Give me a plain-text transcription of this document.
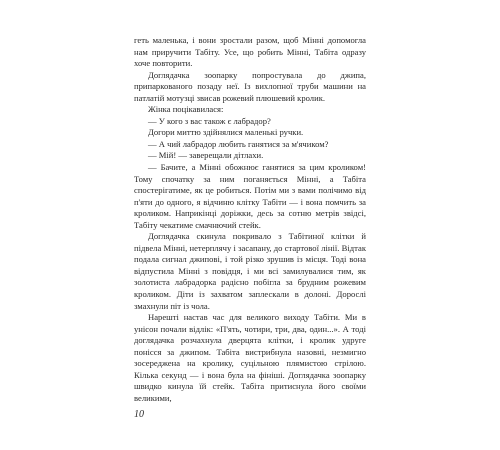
геть маленька, і вони зростали разом, щоб Мінні допомогла нам приручити Табіту. Усе, що робить Мінні, Табіта одразу хоче повторити.

Доглядачка зоопарку попростувала до джипа, припаркованого позаду неї. Із вихлопної труби машини на патлатій мотузці звисав рожевий плюшевий кролик.

Жінка поцікавилася:

— У кого з вас також є лабрадор?

Догори миттю здійнялися маленькі ручки.

— А чий лабрадор любить ганятися за м'ячиком?

— Мій! — заверещали дітлахи.

— Бачите, а Мінні обожнює ганятися за цим кроликом! Тому спочатку за ним поганяється Мінні, а Табіта спостерігатиме, як це робиться. Потім ми з вами полічимо від п'яти до одного, я відчиню клітку Табіти — і вона помчить за кроликом. Наприкінці доріжки, десь за сотню метрів звідсі, Табіту чекатиме смачнючий стейк.

Доглядачка скинула покривало з Табітиної клітки й підвела Мінні, нетерплячу і засапану, до стартової лінії. Відтак подала сигнал джипові, і той різко зрушив із місця. Тоді вона відпустила Мінні з повідця, і ми всі замилувалися тим, як золотиста лабрадорка радісно побігла за брудним рожевим кроликом. Діти із захватом заплескали в долоні. Дорослі змахнули піт із чола.

Нарешті настав час для великого виходу Табіти. Ми в унісон почали відлік: «П'ять, чотири, три, два, один...». А тоді доглядачка розчахнула дверцята клітки, і кролик удруге понісся за джипом. Табіта вистрибнула назовні, незмигно зосереджена на кролику, суцільною плямистою стрілою. Кілька секунд — і вона була на фініші. Доглядачка зоопарку швидко кинула їй стейк. Табіта притиснула його своїми великими,

10
